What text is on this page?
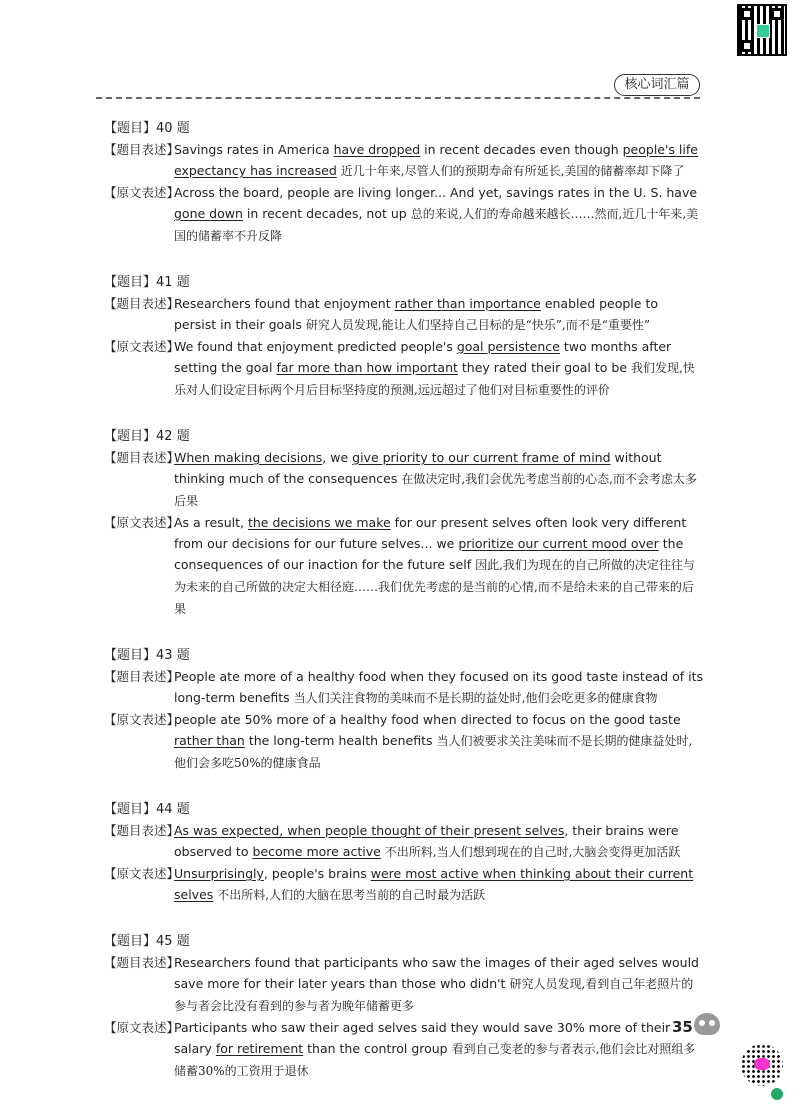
核心词汇篇
【题目】40 题
【题目表述】
Savings rates in America have dropped in recent decades even though people's life expectancy has increased 近几十年来,尽管人们的预期寿命有所延长,美国的储蓄率却下降了
【原文表述】
Across the board, people are living longer... And yet, savings rates in the U. S. have gone down in recent decades, not up 总的来说,人们的寿命越来越长……然而,近几十年来,美国的储蓄率不升反降
【题目】41 题
【题目表述】
Researchers found that enjoyment rather than importance enabled people to persist in their goals 研究人员发现,能让人们坚持自己目标的是“快乐”,而不是“重要性”
【原文表述】
We found that enjoyment predicted people's goal persistence two months after setting the goal far more than how important they rated their goal to be 我们发现,快乐对人们设定目标两个月后目标坚持度的预测,远远超过了他们对目标重要性的评价
【题目】42 题
【题目表述】
When making decisions, we give priority to our current frame of mind without thinking much of the consequences 在做决定时,我们会优先考虑当前的心态,而不会考虑太多后果
【原文表述】
As a result, the decisions we make for our present selves often look very different from our decisions for our future selves... we prioritize our current mood over the consequences of our inaction for the future self 因此,我们为现在的自己所做的决定往往与为未来的自己所做的决定大相径庭……我们优先考虑的是当前的心情,而不是给未来的自己带来的后果
【题目】43 题
【题目表述】
People ate more of a healthy food when they focused on its good taste instead of its long-term benefits 当人们关注食物的美味而不是长期的益处时,他们会吃更多的健康食物
【原文表述】
people ate 50% more of a healthy food when directed to focus on the good taste rather than the long-term health benefits 当人们被要求关注美味而不是长期的健康益处时,他们会多吃50%的健康食品
【题目】44 题
【题目表述】
As was expected, when people thought of their present selves, their brains were observed to become more active 不出所料,当人们想到现在的自己时,大脑会变得更加活跃
【原文表述】
Unsurprisingly, people's brains were most active when thinking about their current selves 不出所料,人们的大脑在思考当前的自己时最为活跃
【题目】45 题
【题目表述】
Researchers found that participants who saw the images of their aged selves would save more for their later years than those who didn't 研究人员发现,看到自己年老照片的参与者会比没有看到的参与者为晚年储蓄更多
【原文表述】
Participants who saw their aged selves said they would save 30% more of their salary for retirement than the control group 看到自己变老的参与者表示,他们会比对照组多储蓄30%的工资用于退休
35
